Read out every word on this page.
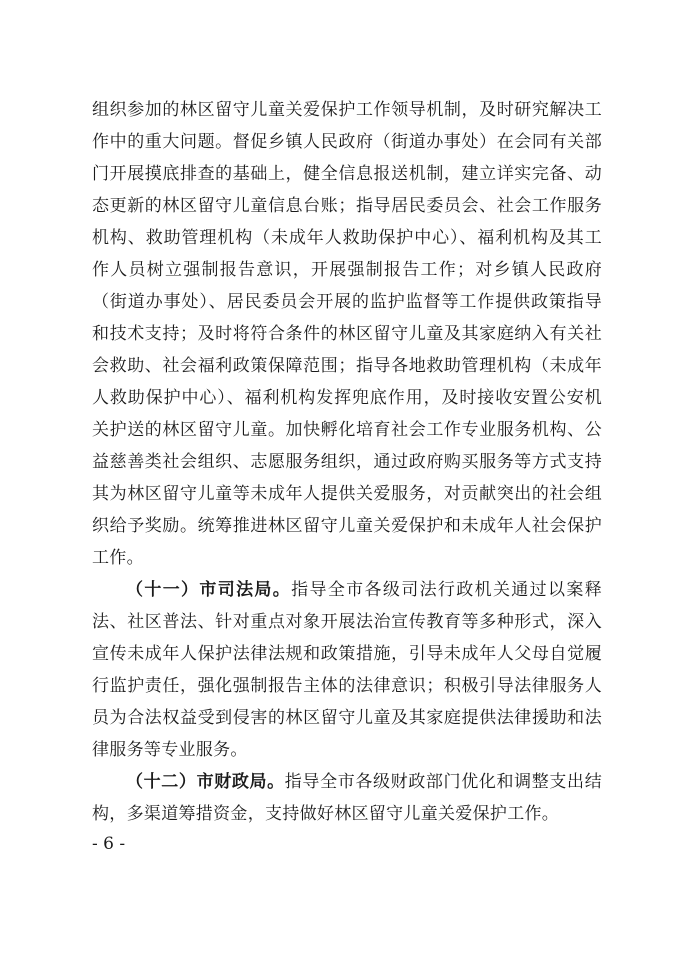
组织参加的林区留守儿童关爱保护工作领导机制，及时研究解决工作中的重大问题。督促乡镇人民政府（街道办事处）在会同有关部门开展摸底排查的基础上，健全信息报送机制，建立详实完备、动态更新的林区留守儿童信息台账；指导居民委员会、社会工作服务机构、救助管理机构（未成年人救助保护中心）、福利机构及其工作人员树立强制报告意识，开展强制报告工作；对乡镇人民政府（街道办事处）、居民委员会开展的监护监督等工作提供政策指导和技术支持；及时将符合条件的林区留守儿童及其家庭纳入有关社会救助、社会福利政策保障范围；指导各地救助管理机构（未成年人救助保护中心）、福利机构发挥兜底作用，及时接收安置公安机关护送的林区留守儿童。加快孵化培育社会工作专业服务机构、公益慈善类社会组织、志愿服务组织，通过政府购买服务等方式支持其为林区留守儿童等未成年人提供关爱服务，对贡献突出的社会组织给予奖励。统筹推进林区留守儿童关爱保护和未成年人社会保护工作。

（十一）市司法局。指导全市各级司法行政机关通过以案释法、社区普法、针对重点对象开展法治宣传教育等多种形式，深入宣传未成年人保护法律法规和政策措施，引导未成年人父母自觉履行监护责任，强化强制报告主体的法律意识；积极引导法律服务人员为合法权益受到侵害的林区留守儿童及其家庭提供法律援助和法律服务等专业服务。

（十二）市财政局。指导全市各级财政部门优化和调整支出结构，多渠道筹措资金，支持做好林区留守儿童关爱保护工作。

- 6 -
